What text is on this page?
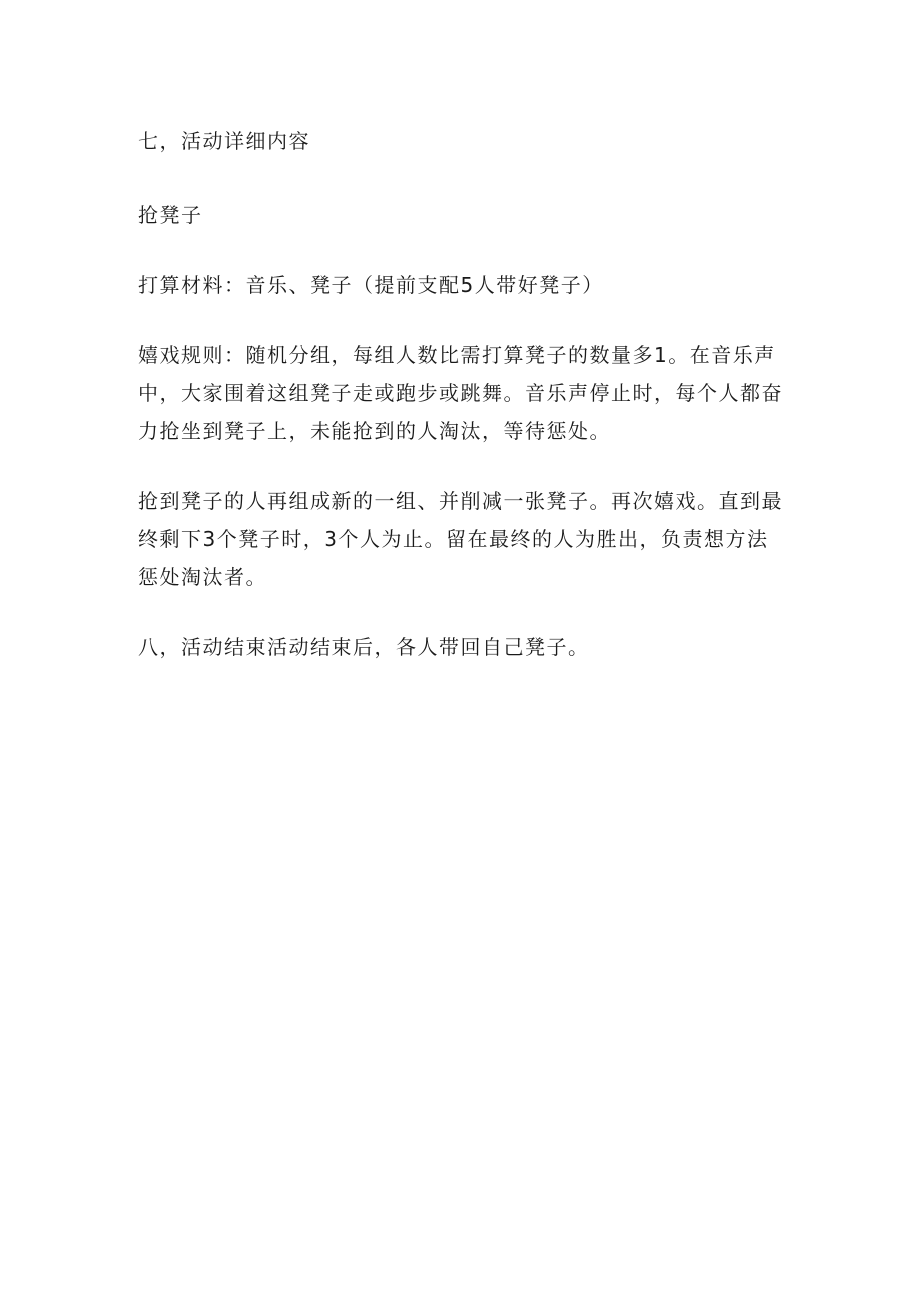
七，活动详细内容

抢凳子

打算材料：音乐、凳子（提前支配5人带好凳子）

嬉戏规则：随机分组，每组人数比需打算凳子的数量多1。在音乐声中，大家围着这组凳子走或跑步或跳舞。音乐声停止时，每个人都奋力抢坐到凳子上，未能抢到的人淘汰，等待惩处。

抢到凳子的人再组成新的一组、并削减一张凳子。再次嬉戏。直到最终剩下3个凳子时，3个人为止。留在最终的人为胜出，负责想方法惩处淘汰者。

八，活动结束活动结束后，各人带回自己凳子。
